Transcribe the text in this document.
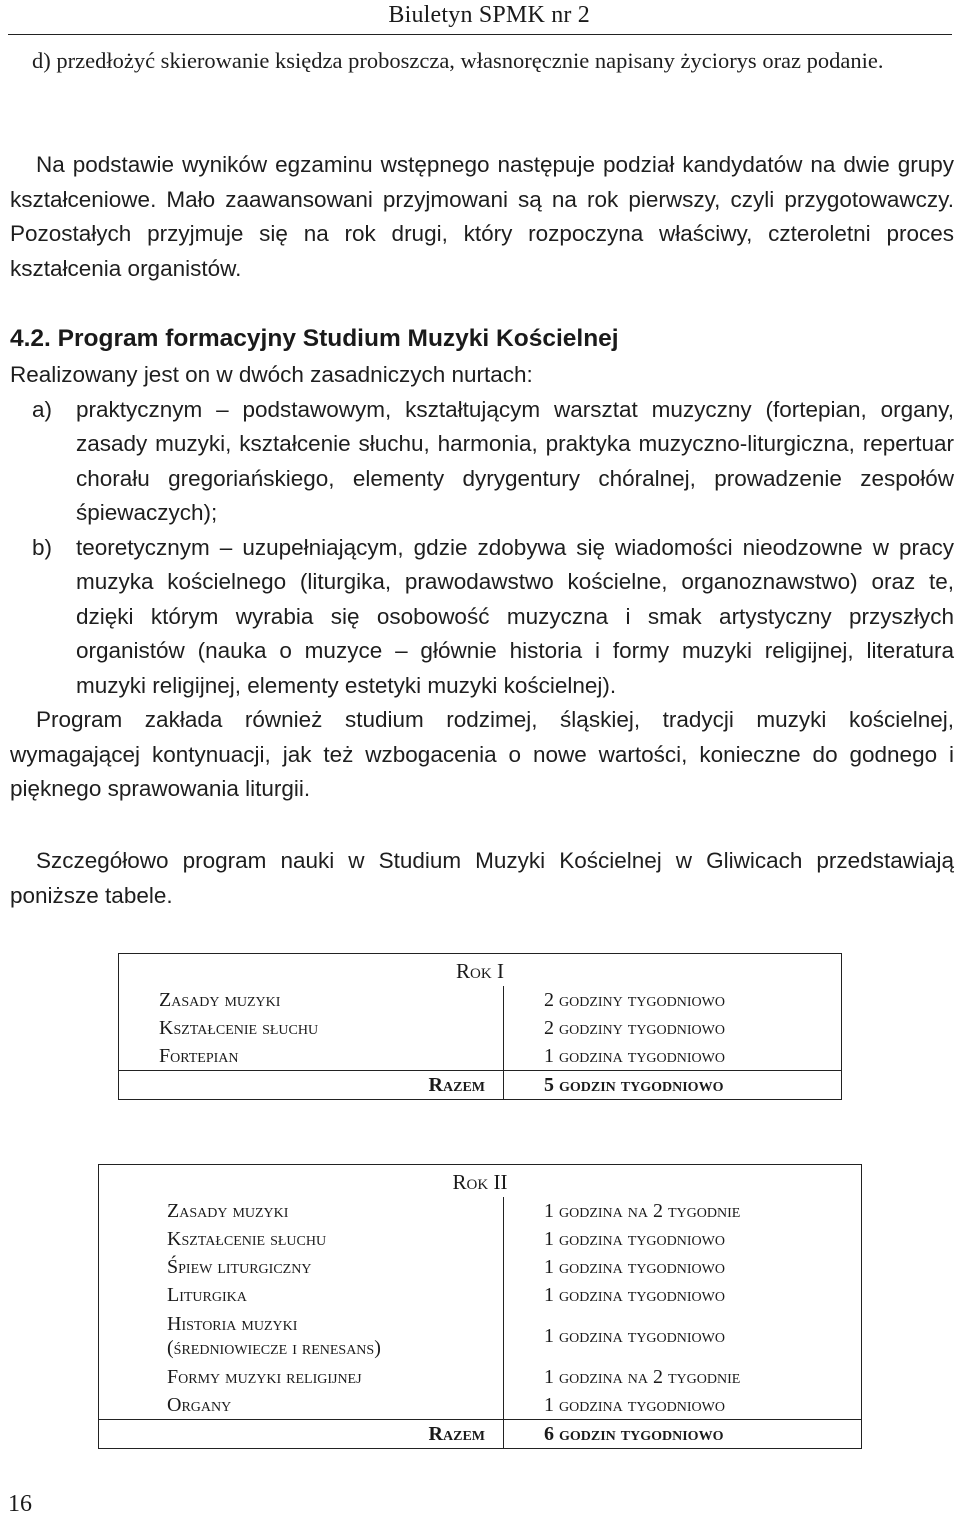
Biuletyn SPMK nr 2

d) przedłożyć skierowanie księdza proboszcza, własnoręcznie napisany życiorys oraz podanie.

Na podstawie wyników egzaminu wstępnego następuje podział kandydatów na dwie grupy kształceniowe. Mało zaawansowani przyjmowani są na rok pierwszy, czyli przygotowawczy. Pozostałych przyjmuje się na rok drugi, który rozpoczyna właściwy, czteroletni proces kształcenia organistów.

4.2. Program formacyjny Studium Muzyki Kościelnej

Realizowany jest on w dwóch zasadniczych nurtach:

a) praktycznym – podstawowym, kształtującym warsztat muzyczny (fortepian, organy, zasady muzyki, kształcenie słuchu, harmonia, praktyka muzyczno-liturgiczna, repertuar chorału gregoriańskiego, elementy dyrygentury chóralnej, prowadzenie zespołów śpiewaczych);
b) teoretycznym – uzupełniającym, gdzie zdobywa się wiadomości nieodzowne w pracy muzyka kościelnego (liturgika, prawodawstwo kościelne, organoznawstwo) oraz te, dzięki którym wyrabia się osobowość muzyczna i smak artystyczny przyszłych organistów (nauka o muzyce – głównie historia i formy muzyki religijnej, literatura muzyki religijnej, elementy estetyki muzyki kościelnej).

Program zakłada również studium rodzimej, śląskiej, tradycji muzyki kościelnej, wymagającej kontynuacji, jak też wzbogacenia o nowe wartości, konieczne do godnego i pięknego sprawowania liturgii.

Szczegółowo program nauki w Studium Muzyki Kościelnej w Gliwicach przedstawiają poniższe tabele.

Rok I	
Zasady muzyki	2 godziny tygodniowo
Kształcenie słuchu	2 godziny tygodniowo
Fortepian	1 godzina tygodniowo
Razem	5 godzin tygodniowo
Rok II	
Zasady muzyki	1 godzina na 2 tygodnie
Kształcenie słuchu	1 godzina tygodniowo
Śpiew liturgiczny	1 godzina tygodniowo
Liturgika	1 godzina tygodniowo

Historia muzyki
(średniowiecze i renesans)	1 godzina tygodniowo
Formy muzyki religijnej	1 godzina na 2 tygodnie
Organy	1 godzina tygodniowo
Razem	6 godzin tygodniowo
16
